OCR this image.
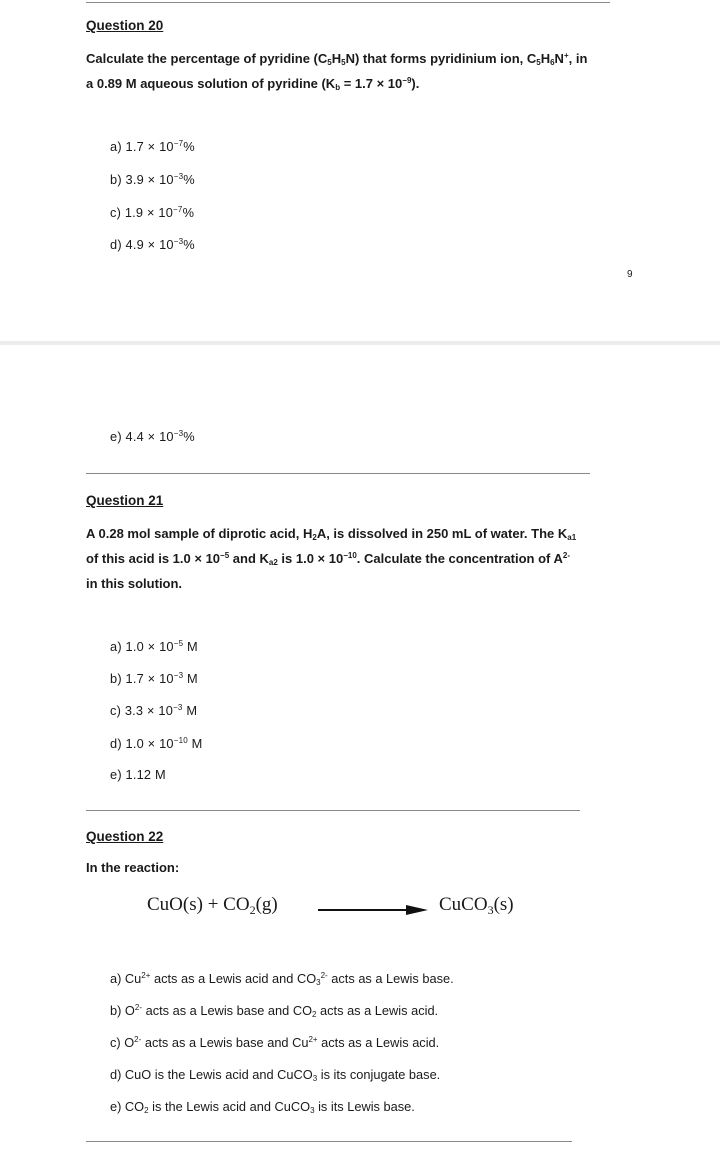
Question 20
Calculate the percentage of pyridine $(C_5H_5N)$ that forms pyridinium ion, $C_5H_6N^+$, in
a 0.89 M aqueous solution of pyridine $(K_b = 1.7 \times 10^{-9})$.
a) $1.7 \times 10^{-7}\%$
b) $3.9 \times 10^{-3}\%$
c) $1.9 \times 10^{-7}\%$
d) $4.9 \times 10^{-3}\%$
9
e) $4.4 \times 10^{-3}\%$
Question 21
A 0.28 mol sample of diprotic acid, $H_2A$, is dissolved in 250 mL of water. The $K_{a1}$
of this acid is $1.0 \times 10^{-5}$ and $K_{a2}$ is $1.0 \times 10^{-10}$. Calculate the concentration of $A^{2-}$
in this solution.
a) $1.0 \times 10^{-5}$ M
b) $1.7 \times 10^{-3}$ M
c) $3.3 \times 10^{-3}$ M
d) $1.0 \times 10^{-10}$ M
e) 1.12 M
Question 22
In the reaction:
$CuO(s) + CO_2(g)$	CuCO$_3$(s)
a) $Cu^{2+}$ acts as a Lewis acid and $CO_3^{2-}$ acts as a Lewis base.
b) $O^{2-}$ acts as a Lewis base and $CO_2$ acts as a Lewis acid.
c) $O^{2-}$ acts as a Lewis base and $Cu^{2+}$ acts as a Lewis acid.
d) CuO is the Lewis acid and CuCO$_3$ is its conjugate base.
e) $CO_2$ is the Lewis acid and CuCO$_3$ is its Lewis base.
